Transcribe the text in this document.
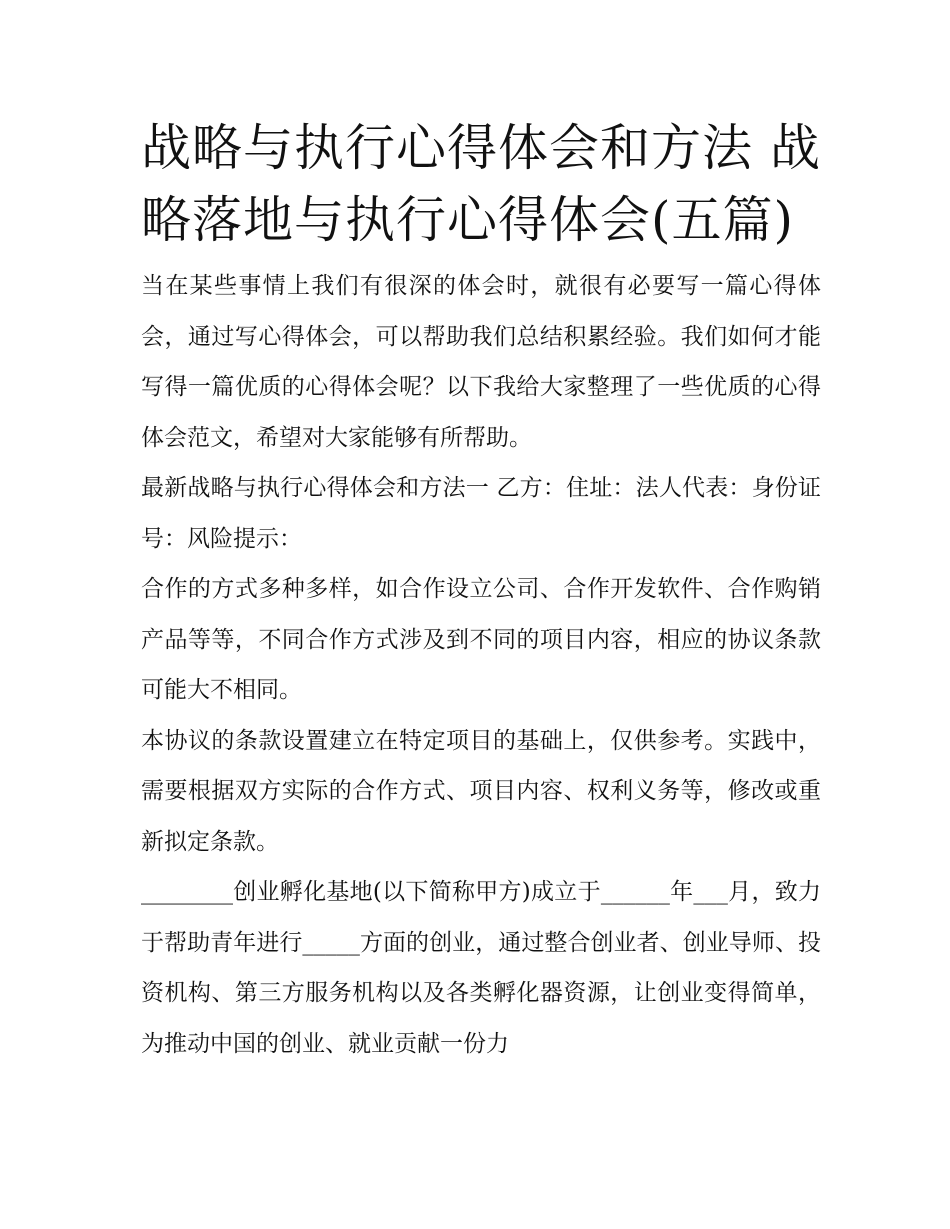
战略与执行心得体会和方法 战略落地与执行心得体会(五篇)

当在某些事情上我们有很深的体会时，就很有必要写一篇心得体会，通过写心得体会，可以帮助我们总结积累经验。我们如何才能写得一篇优质的心得体会呢？以下我给大家整理了一些优质的心得体会范文，希望对大家能够有所帮助。

最新战略与执行心得体会和方法一 乙方：住址：法人代表：身份证号：风险提示：

合作的方式多种多样，如合作设立公司、合作开发软件、合作购销产品等等，不同合作方式涉及到不同的项目内容，相应的协议条款可能大不相同。

本协议的条款设置建立在特定项目的基础上，仅供参考。实践中，需要根据双方实际的合作方式、项目内容、权利义务等，修改或重新拟定条款。

________创业孵化基地(以下简称甲方)成立于______年___月，致力于帮助青年进行_____方面的创业，通过整合创业者、创业导师、投资机构、第三方服务机构以及各类孵化器资源，让创业变得简单，为推动中国的创业、就业贡献一份力
